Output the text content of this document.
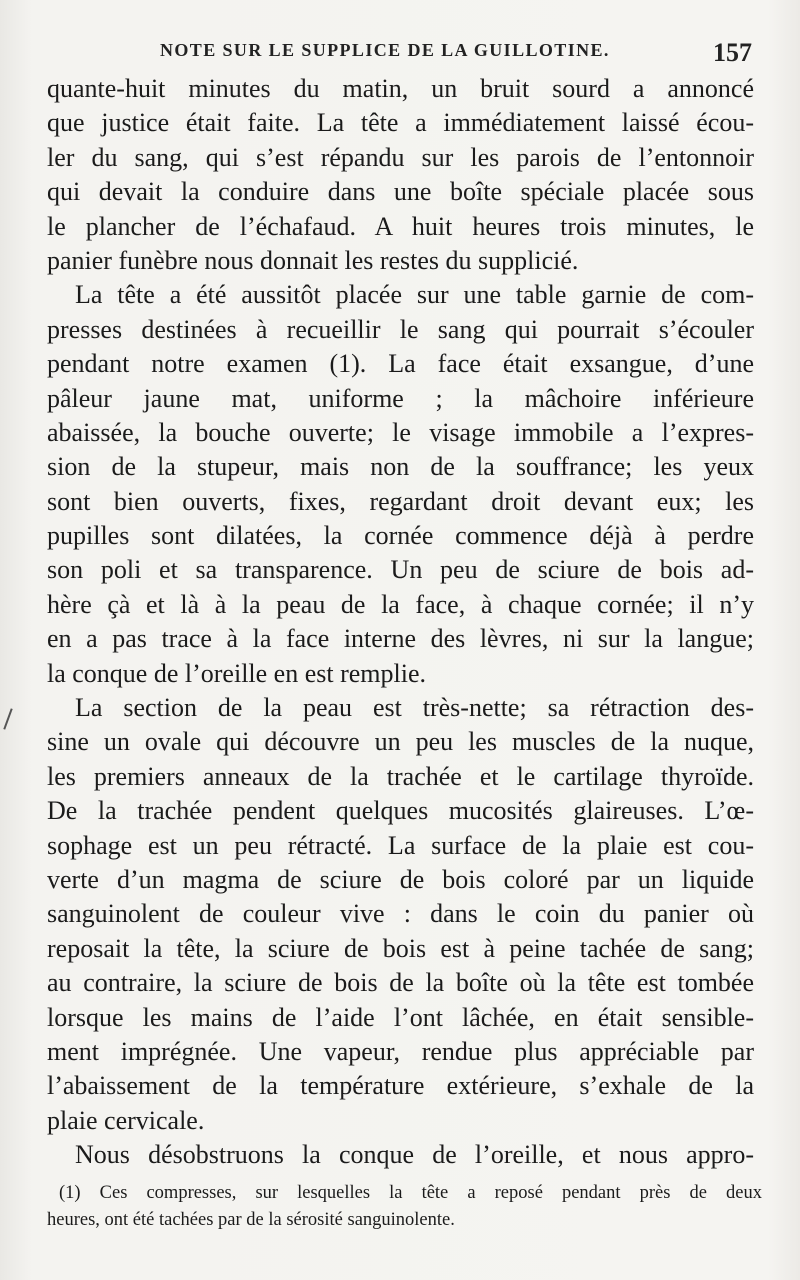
NOTE SUR LE SUPPLICE DE LA GUILLOTINE.	157
quante-huit minutes du matin, un bruit sourd a annoncé
que justice était faite. La tête a immédiatement laissé écou-
ler du sang, qui s’est répandu sur les parois de l’entonnoir
qui devait la conduire dans une boîte spéciale placée sous
le plancher de l’échafaud. A huit heures trois minutes, le
panier funèbre nous donnait les restes du supplicié.
La tête a été aussitôt placée sur une table garnie de com-
presses destinées à recueillir le sang qui pourrait s’écouler
pendant notre examen (1). La face était exsangue, d’une
pâleur jaune mat, uniforme ; la mâchoire inférieure
abaissée, la bouche ouverte; le visage immobile a l’expres-
sion de la stupeur, mais non de la souffrance; les yeux
sont bien ouverts, fixes, regardant droit devant eux; les
pupilles sont dilatées, la cornée commence déjà à perdre
son poli et sa transparence. Un peu de sciure de bois ad-
hère çà et là à la peau de la face, à chaque cornée; il n’y
en a pas trace à la face interne des lèvres, ni sur la langue;
la conque de l’oreille en est remplie.
La section de la peau est très-nette; sa rétraction des-
sine un ovale qui découvre un peu les muscles de la nuque,
les premiers anneaux de la trachée et le cartilage thyroïde.
De la trachée pendent quelques mucosités glaireuses. L’œ-
sophage est un peu rétracté. La surface de la plaie est cou-
verte d’un magma de sciure de bois coloré par un liquide
sanguinolent de couleur vive : dans le coin du panier où
reposait la tête, la sciure de bois est à peine tachée de sang;
au contraire, la sciure de bois de la boîte où la tête est tombée
lorsque les mains de l’aide l’ont lâchée, en était sensible-
ment imprégnée. Une vapeur, rendue plus appréciable par
l’abaissement de la température extérieure, s’exhale de la
plaie cervicale.
Nous désobstruons la conque de l’oreille, et nous appro-
(1) Ces compresses, sur lesquelles la tête a reposé pendant près de deux
heures, ont été tachées par de la sérosité sanguinolente.
